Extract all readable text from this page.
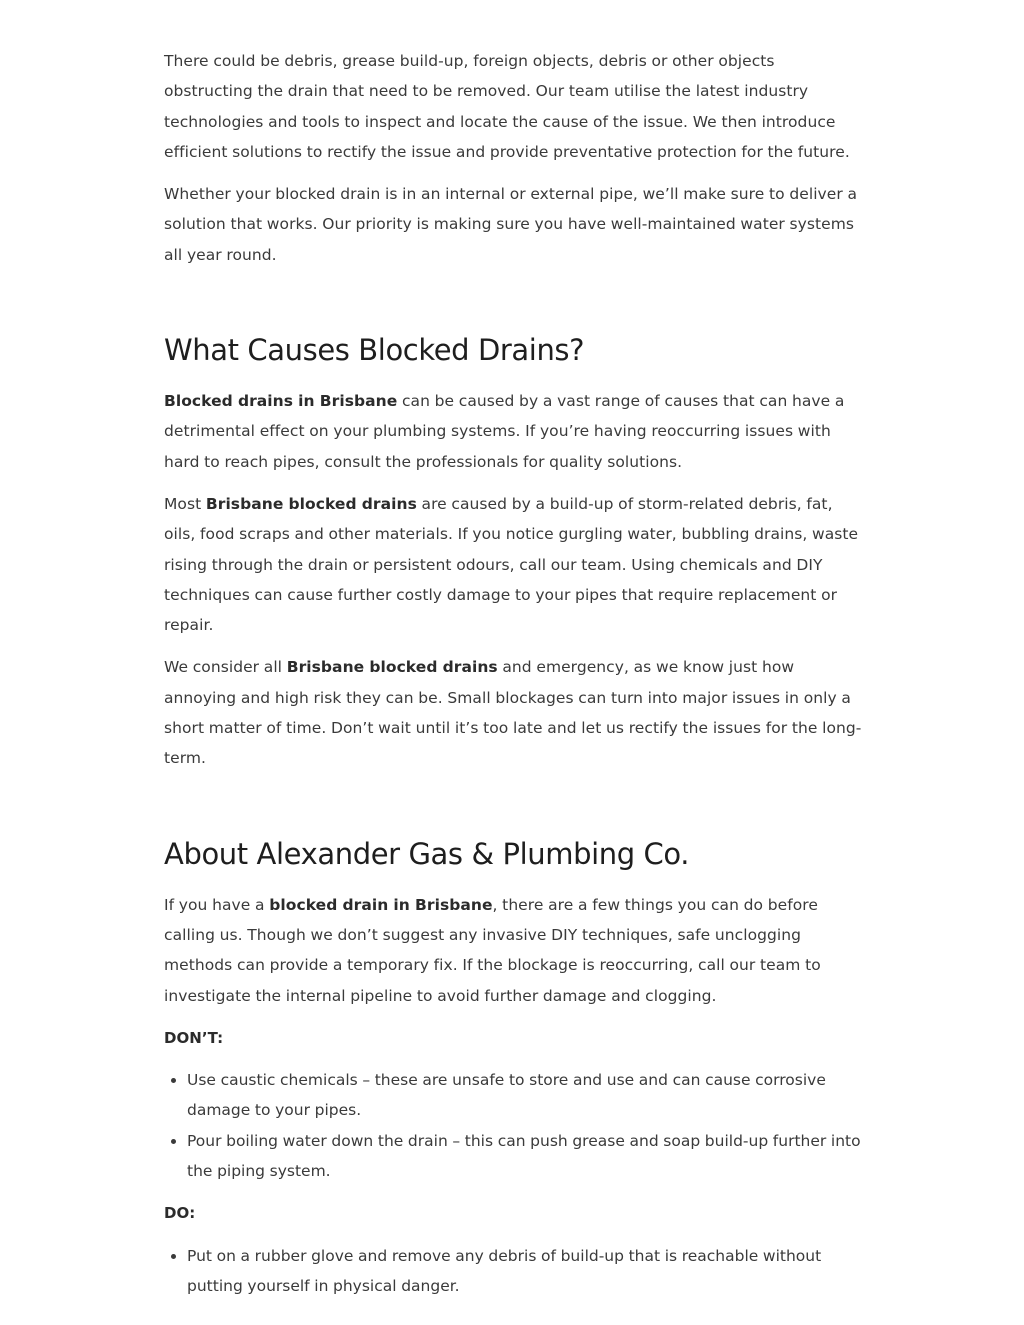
There could be debris, grease build-up, foreign objects, debris or other objects obstructing the drain that need to be removed. Our team utilise the latest industry technologies and tools to inspect and locate the cause of the issue. We then introduce efficient solutions to rectify the issue and provide preventative protection for the future.

Whether your blocked drain is in an internal or external pipe, we’ll make sure to deliver a solution that works. Our priority is making sure you have well-maintained water systems all year round.

What Causes Blocked Drains?

Blocked drains in Brisbane can be caused by a vast range of causes that can have a detrimental effect on your plumbing systems. If you’re having reoccurring issues with hard to reach pipes, consult the professionals for quality solutions.

Most Brisbane blocked drains are caused by a build-up of storm-related debris, fat, oils, food scraps and other materials. If you notice gurgling water, bubbling drains, waste rising through the drain or persistent odours, call our team. Using chemicals and DIY techniques can cause further costly damage to your pipes that require replacement or repair.

We consider all Brisbane blocked drains and emergency, as we know just how annoying and high risk they can be. Small blockages can turn into major issues in only a short matter of time. Don’t wait until it’s too late and let us rectify the issues for the long-term.

About Alexander Gas & Plumbing Co.

If you have a blocked drain in Brisbane, there are a few things you can do before calling us. Though we don’t suggest any invasive DIY techniques, safe unclogging methods can provide a temporary fix. If the blockage is reoccurring, call our team to investigate the internal pipeline to avoid further damage and clogging.

DON’T:

• Use caustic chemicals – these are unsafe to store and use and can cause corrosive damage to your pipes.
• Pour boiling water down the drain – this can push grease and soap build-up further into the piping system.

DO:

• Put on a rubber glove and remove any debris of build-up that is reachable without putting yourself in physical danger.
